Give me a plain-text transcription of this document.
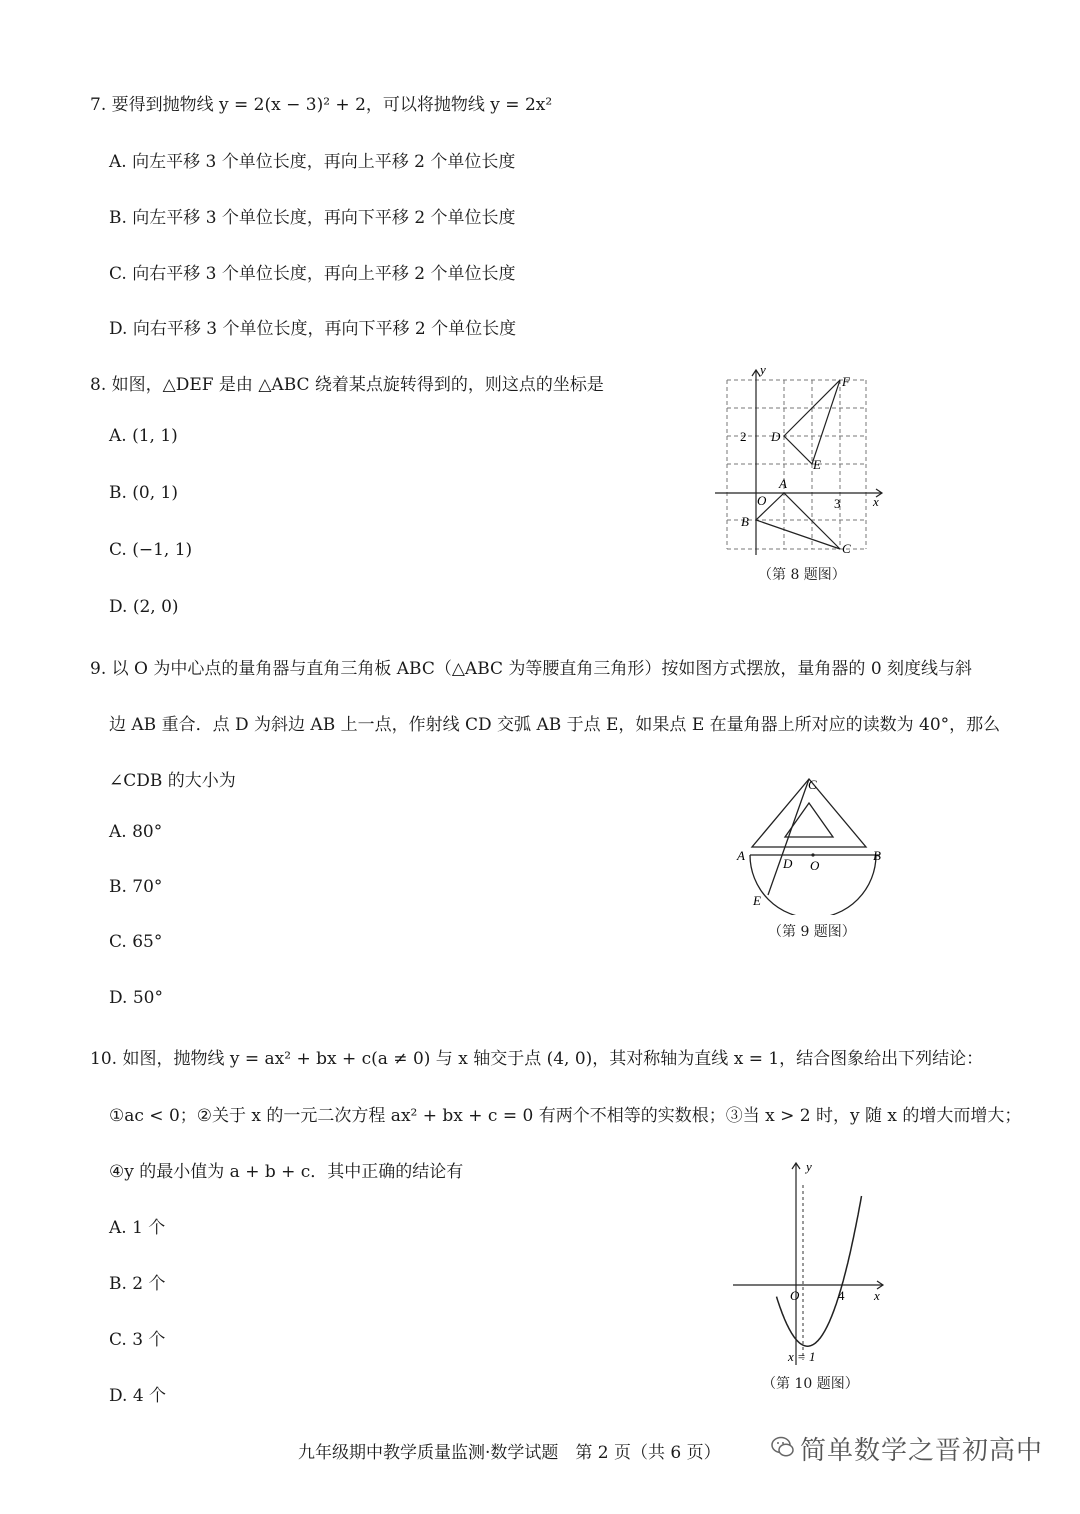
7. 要得到抛物线 y = 2(x − 3)² + 2，可以将抛物线 y = 2x²
A. 向左平移 3 个单位长度，再向上平移 2 个单位长度
B. 向左平移 3 个单位长度，再向下平移 2 个单位长度
C. 向右平移 3 个单位长度，再向上平移 2 个单位长度
D. 向右平移 3 个单位长度，再向下平移 2 个单位长度
8. 如图，△DEF 是由 △ABC 绕着某点旋转得到的，则这点的坐标是
A. (1, 1)
B. (0, 1)
C. (−1, 1)
D. (2, 0)
y
x
O
2
3
A
B
C
D
E
F
（第 8 题图）
9. 以 O 为中心点的量角器与直角三角板 ABC（△ABC 为等腰直角三角形）按如图方式摆放，量角器的 0 刻度线与斜
边 AB 重合．点 D 为斜边 AB 上一点，作射线 CD 交弧 AB 于点 E，如果点 E 在量角器上所对应的读数为 40°，那么
∠CDB 的大小为
A. 80°
B. 70°
C. 65°
D. 50°
C
A	B
D O
E
（第 9 题图）
10. 如图，抛物线 y = ax² + bx + c(a ≠ 0) 与 x 轴交于点 (4, 0)，其对称轴为直线 x = 1，结合图象给出下列结论：
①ac < 0；②关于 x 的一元二次方程 ax² + bx + c = 0 有两个不相等的实数根；③当 x > 2 时，y 随 x 的增大而增大；
④y 的最小值为 a + b + c．其中正确的结论有
A. 1 个
B. 2 个
C. 3 个
D. 4 个
y
x
O	4
x = 1
（第 10 题图）
九年级期中教学质量监测·数学试题　第 2 页（共 6 页）	简单数学之晋初高中
